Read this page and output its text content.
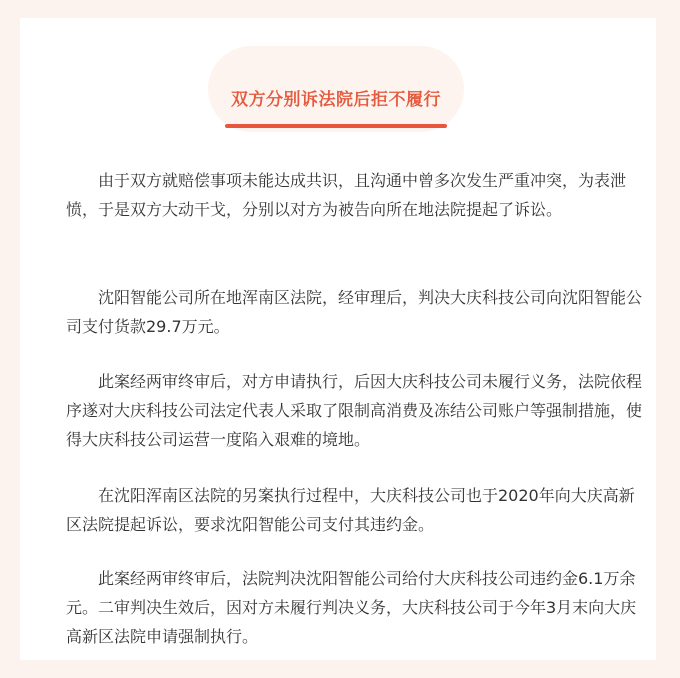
双方分别诉法院后拒不履行

由于双方就赔偿事项未能达成共识，且沟通中曾多次发生严重冲突，为表泄愤，于是双方大动干戈，分别以对方为被告向所在地法院提起了诉讼。

沈阳智能公司所在地浑南区法院，经审理后，判决大庆科技公司向沈阳智能公司支付货款29.7万元。

此案经两审终审后，对方申请执行，后因大庆科技公司未履行义务，法院依程序遂对大庆科技公司法定代表人采取了限制高消费及冻结公司账户等强制措施，使得大庆科技公司运营一度陷入艰难的境地。

在沈阳浑南区法院的另案执行过程中，大庆科技公司也于2020年向大庆高新区法院提起诉讼，要求沈阳智能公司支付其违约金。

此案经两审终审后，法院判决沈阳智能公司给付大庆科技公司违约金6.1万余元。二审判决生效后，因对方未履行判决义务，大庆科技公司于今年3月末向大庆高新区法院申请强制执行。
